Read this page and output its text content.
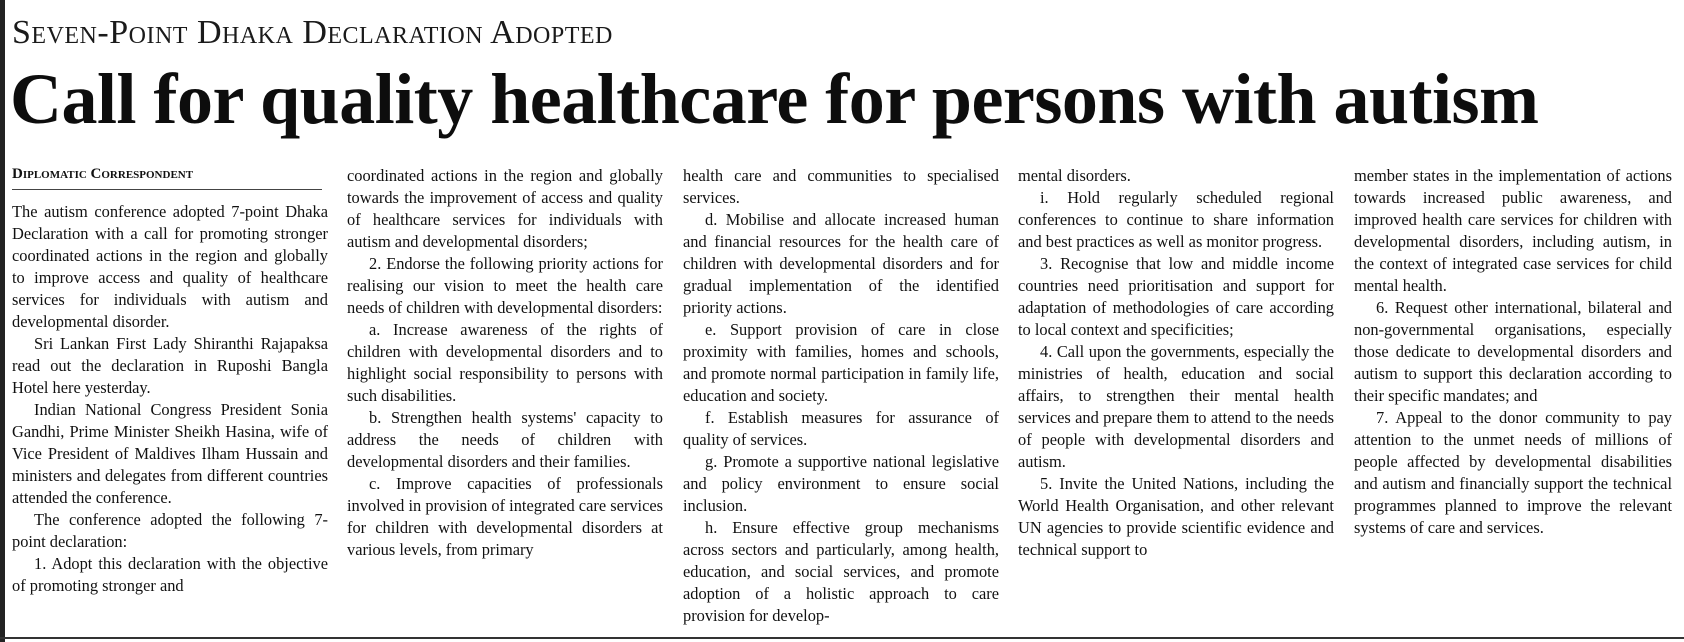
Seven-Point Dhaka Declaration Adopted
Call for quality healthcare for persons with autism
Diplomatic Correspondent

The autism conference adopted 7-point Dhaka Declaration with a call for promoting stronger coordinated actions in the region and globally to improve access and quality of healthcare services for individuals with autism and developmental disorder.

Sri Lankan First Lady Shiranthi Rajapaksa read out the declaration in Ruposhi Bangla Hotel here yesterday.

Indian National Congress President Sonia Gandhi, Prime Minister Sheikh Hasina, wife of Vice President of Maldives Ilham Hussain and ministers and delegates from different countries attended the conference.

The conference adopted the following 7-point declaration:

1. Adopt this declaration with the objective of promoting stronger and

coordinated actions in the region and globally towards the improvement of access and quality of healthcare services for individuals with autism and developmental disorders;

2. Endorse the following priority actions for realising our vision to meet the health care needs of children with developmental disorders:

a. Increase awareness of the rights of children with developmental disorders and to highlight social responsibility to persons with such disabilities.

b. Strengthen health systems' capacity to address the needs of children with developmental disorders and their families.

c. Improve capacities of professionals involved in provision of integrated care services for children with developmental disorders at various levels, from primary

health care and communities to specialised services.

d. Mobilise and allocate increased human and financial resources for the health care of children with developmental disorders and for gradual implementation of the identified priority actions.

e. Support provision of care in close proximity with families, homes and schools, and promote normal participation in family life, education and society.

f. Establish measures for assurance of quality of services.

g. Promote a supportive national legislative and policy environment to ensure social inclusion.

h. Ensure effective group mechanisms across sectors and particularly, among health, education, and social services, and promote adoption of a holistic approach to care provision for develop-

mental disorders.

i. Hold regularly scheduled regional conferences to continue to share information and best practices as well as monitor progress.

3. Recognise that low and middle income countries need prioritisation and support for adaptation of methodologies of care according to local context and specificities;

4. Call upon the governments, especially the ministries of health, education and social affairs, to strengthen their mental health services and prepare them to attend to the needs of people with developmental disorders and autism.

5. Invite the United Nations, including the World Health Organisation, and other relevant UN agencies to provide scientific evidence and technical support to

member states in the implementation of actions towards increased public awareness, and improved health care services for children with developmental disorders, including autism, in the context of integrated case services for child mental health.

6. Request other international, bilateral and non-governmental organisations, especially those dedicate to developmental disorders and autism to support this declaration according to their specific mandates; and

7. Appeal to the donor community to pay attention to the unmet needs of millions of people affected by developmental disabilities and autism and financially support the technical programmes planned to improve the relevant systems of care and services.
